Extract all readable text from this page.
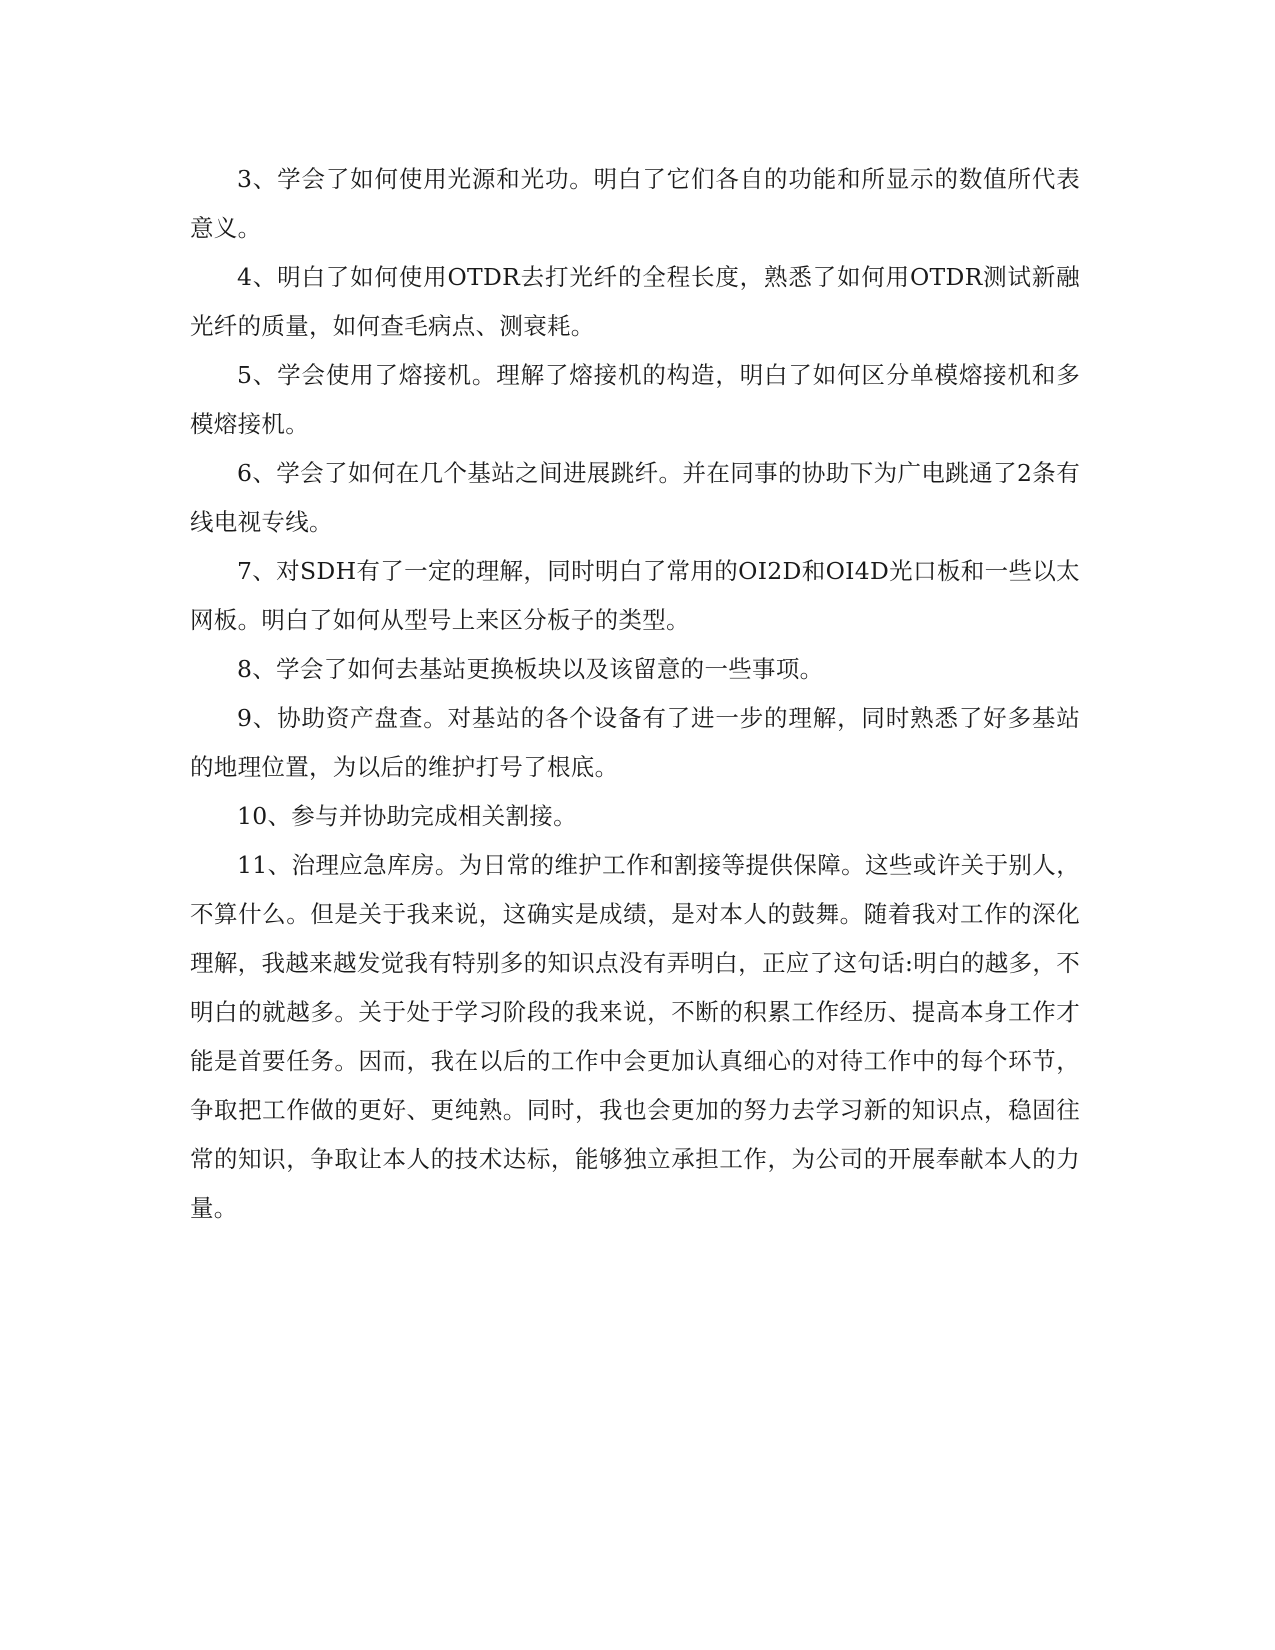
3、学会了如何使用光源和光功。明白了它们各自的功能和所显示的数值所代表意义。

4、明白了如何使用OTDR去打光纤的全程长度，熟悉了如何用OTDR测试新融光纤的质量，如何查毛病点、测衰耗。

5、学会使用了熔接机。理解了熔接机的构造，明白了如何区分单模熔接机和多模熔接机。

6、学会了如何在几个基站之间进展跳纤。并在同事的协助下为广电跳通了2条有线电视专线。

7、对SDH有了一定的理解，同时明白了常用的OI2D和OI4D光口板和一些以太网板。明白了如何从型号上来区分板子的类型。

8、学会了如何去基站更换板块以及该留意的一些事项。

9、协助资产盘查。对基站的各个设备有了进一步的理解，同时熟悉了好多基站的地理位置，为以后的维护打号了根底。

10、参与并协助完成相关割接。

11、治理应急库房。为日常的维护工作和割接等提供保障。这些或许关于别人，不算什么。但是关于我来说，这确实是成绩，是对本人的鼓舞。随着我对工作的深化理解，我越来越发觉我有特别多的知识点没有弄明白，正应了这句话:明白的越多，不明白的就越多。关于处于学习阶段的我来说，不断的积累工作经历、提高本身工作才能是首要任务。因而，我在以后的工作中会更加认真细心的对待工作中的每个环节，争取把工作做的更好、更纯熟。同时，我也会更加的努力去学习新的知识点，稳固往常的知识，争取让本人的技术达标，能够独立承担工作，为公司的开展奉献本人的力量。
